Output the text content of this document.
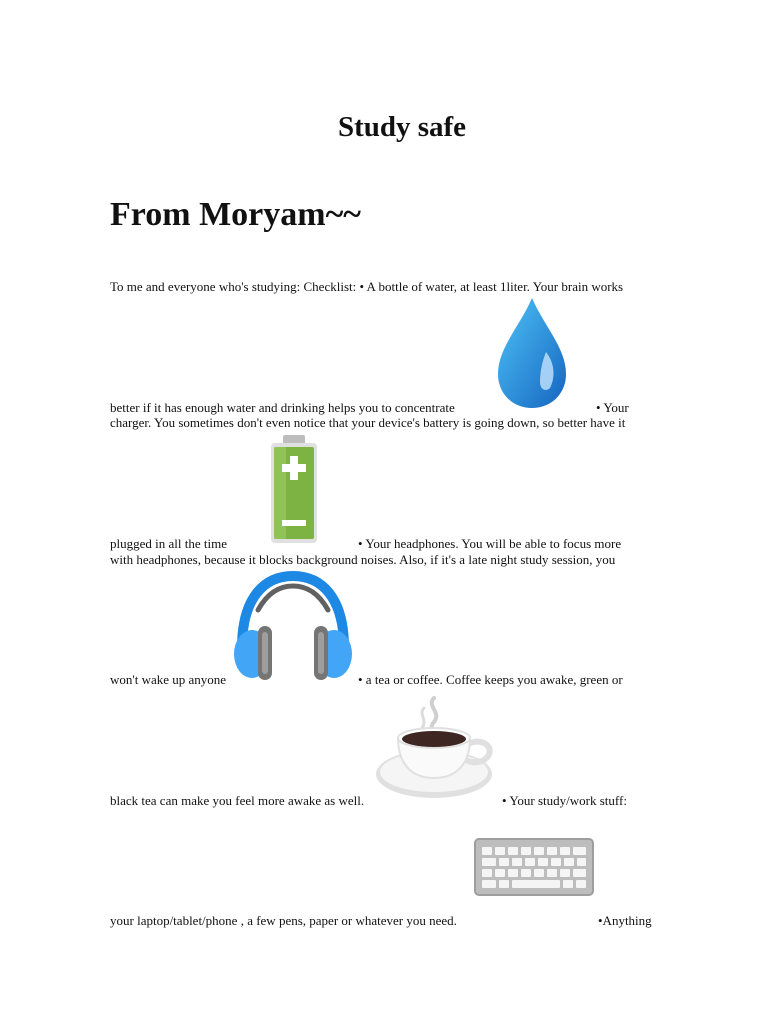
Study safe
From Moryam~~
To me and everyone who's studying: Checklist: • A bottle of water, at least 1liter. Your brain works
better if it has enough water and drinking helps you to concentrate	• Your
charger. You sometimes don't even notice that your device's battery is going down, so better have it
plugged in all the time	• Your headphones. You will be able to focus more
with headphones, because it blocks background noises. Also, if it's a late night study session, you
won't wake up anyone	• a tea or coffee. Coffee keeps you awake, green or
black tea can make you feel more awake as well.	• Your study/work stuff:
your laptop/tablet/phone , a few pens, paper or whatever you need.	•Anything
